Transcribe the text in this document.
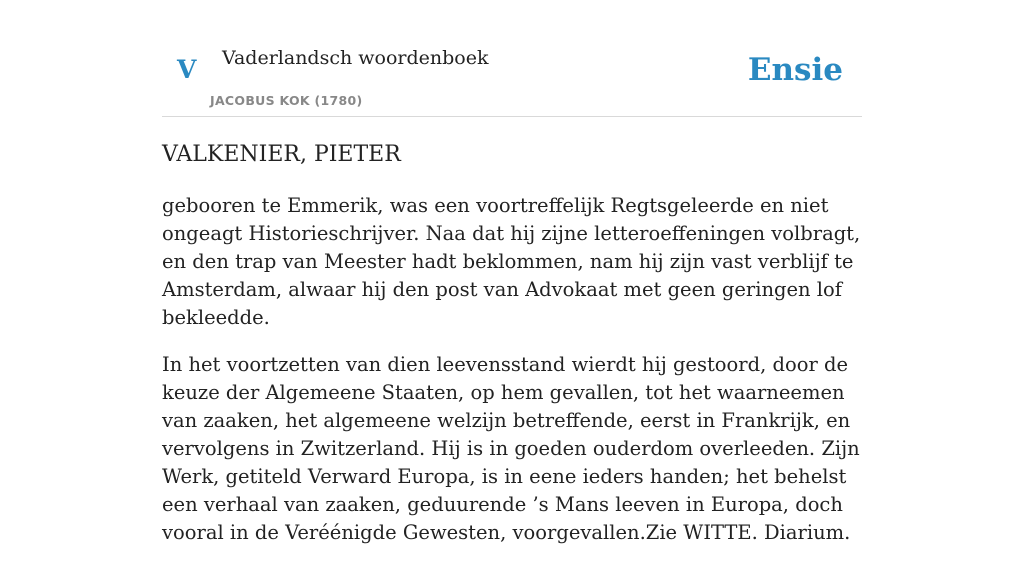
V Vaderlandsch woordenboek
JACOBUS KOK (1780)
Ensie
VALKENIER, PIETER

gebooren te Emmerik, was een voortreffelijk Regtsgeleerde en niet ongeagt Historieschrijver. Naa dat hij zijne letteroeffeningen volbragt, en den trap van Meester hadt beklommen, nam hij zijn vast verblijf te Amsterdam, alwaar hij den post van Advokaat met geen geringen lof bekleedde.

In het voortzetten van dien leevensstand wierdt hij gestoord, door de keuze der Algemeene Staaten, op hem gevallen, tot het waarneemen van zaaken, het algemeene welzijn betreffende, eerst in Frankrijk, en vervolgens in Zwitzerland. Hij is in goeden ouderdom overleeden. Zijn Werk, getiteld Verward Europa, is in eene ieders handen; het behelst een verhaal van zaaken, geduurende ’s Mans leeven in Europa, doch vooral in de Veréénigde Gewesten, voorgevallen.Zie WITTE. Diarium.
